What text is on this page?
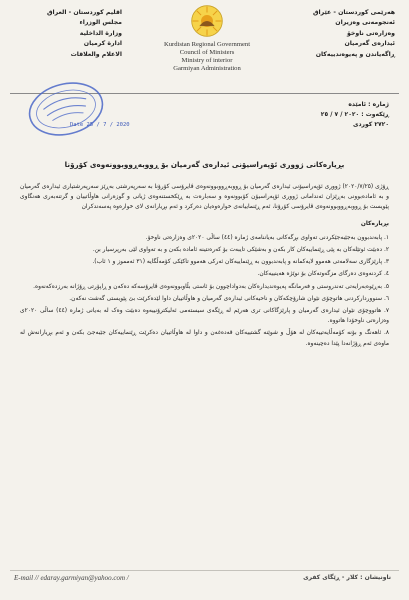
هەرێمی کوردستان - عێراق
ئەنجومەنی وەزیران
وەزارەتی ناوخۆ
ئیدارەی گەرمیان
ڕاگەیاندن و پەیوەندییەکان
Kurdistan Regional Government
Council of Ministers
Ministry of interior
Garmiyan Administration
اقليم كوردستان - العراق
مجلس الوزراء
وزارة الداخلية
ادارة كرميان
الاعلام والعلاقات
ژمارە : ئامێدە
ڕێکەوت : ٢٠٢٠ / ٧ / ٢٥
٢٧٢٠ کوردی
Date 25 / 7 / 2020
بڕیارەکانی ژووری ئۆپەراسیۆنی ئیدارەی گەرمیان بۆ ڕووبەڕووبوونەوەی کۆرۆنا

ڕۆژی (٢٠٢٠/٧/٢٥) ژووری ئۆپەراسیۆنی ئیدارەی گەرمیان بۆ ڕووبەڕووبوونەوەی ڤایرۆسی کۆرۆنا بە سەرپەرشتی بەڕێز سەرپەرشتیاری ئیدارەی گەرمیان و بە ئامادەبوونی بەڕێزان ئەندامانی ژووری ئۆپەراسیۆن کۆبوونەوە و سەبارەت بە ڕێکخستنەوەی ژیانی و گوزەرانی هاوڵاتییان و گرتنەبەری هەنگاوی پێویست بۆ ڕووبەڕووبوونەوەی ڤایرۆسی کۆرۆنا، ئەم ڕێنماییانەی خوارەوەیان دەرکرد و ئەم بڕیارانەی لای خوارەوە پەسەندکران

بڕیارەکان

١. پابەندبوون بەجێبەجێکردنی تەواوی بڕگەکانی بەیاننامەی ژمارە (٤٤) ساڵی ٢٠٢٠ی وەزارەتی ناوخۆ.

٢. دەبێت ئوتێلەکان بە پێی ڕێنماییەکان کار بکەن و بەشێکی تایبەت بۆ کەرەنتینە ئامادە بکەن و بە تەواوی لێی بەرپرسیار بن.

٣. پارێزگاری سەلامەتی هەموو لایەکمانە و پابەندبوون بە ڕێنماییەکان ئەرکی هەموو تاکێکی کۆمەڵگایە (٣١ ئەمموز و ١ ئاب).

٤. کردنەوەی دەرگای مزگەوتەکان بۆ نوێژە هەینییەکان.

٥. بەڕێوەبەرایەتی تەندروستی و فەرمانگە پەیوەندیدارەکان بەدواداچوون بۆ ئاستی بڵاوبوونەوەی ڤایرۆسەکە دەکەن و ڕاپۆرتی ڕۆژانە بەرزدەکەنەوە.

٦. سنووردارکردنی هاتوچۆی نێوان شارۆچکەکان و ناحیەکانی ئیدارەی گەرمیان و هاوڵاتییان داوا لێدەکرێت بێ پێویستی گەشت نەکەن.

٧. هاتووچۆی نێوان ئیدارەی گەرمیان و پارێزگاکانی تری هەرێم لە ڕێگەی سیستەمی ئەلیکترۆنییەوە دەبێت وەک لە بەیانی ژمارە (٤٤) ساڵی ٢٠٢٠ی وەزارەتی ناوخۆدا هاتووە.

٨. ئاهەنگ و بۆنە کۆمەڵایەتییەکان لە هۆڵ و شوێنە گشتییەکان قەدەغەن و داوا لە هاوڵاتییان دەکرێت ڕێنماییەکان جێبەجێ بکەن و ئەم بڕیارانەش لە ماوەی ئەم ڕۆژانەدا پێدا دەچینەوە.

E-mail // edaray.garmiyan@yahoo.com /	ناونیشان : کلار - ڕێگای کفری
